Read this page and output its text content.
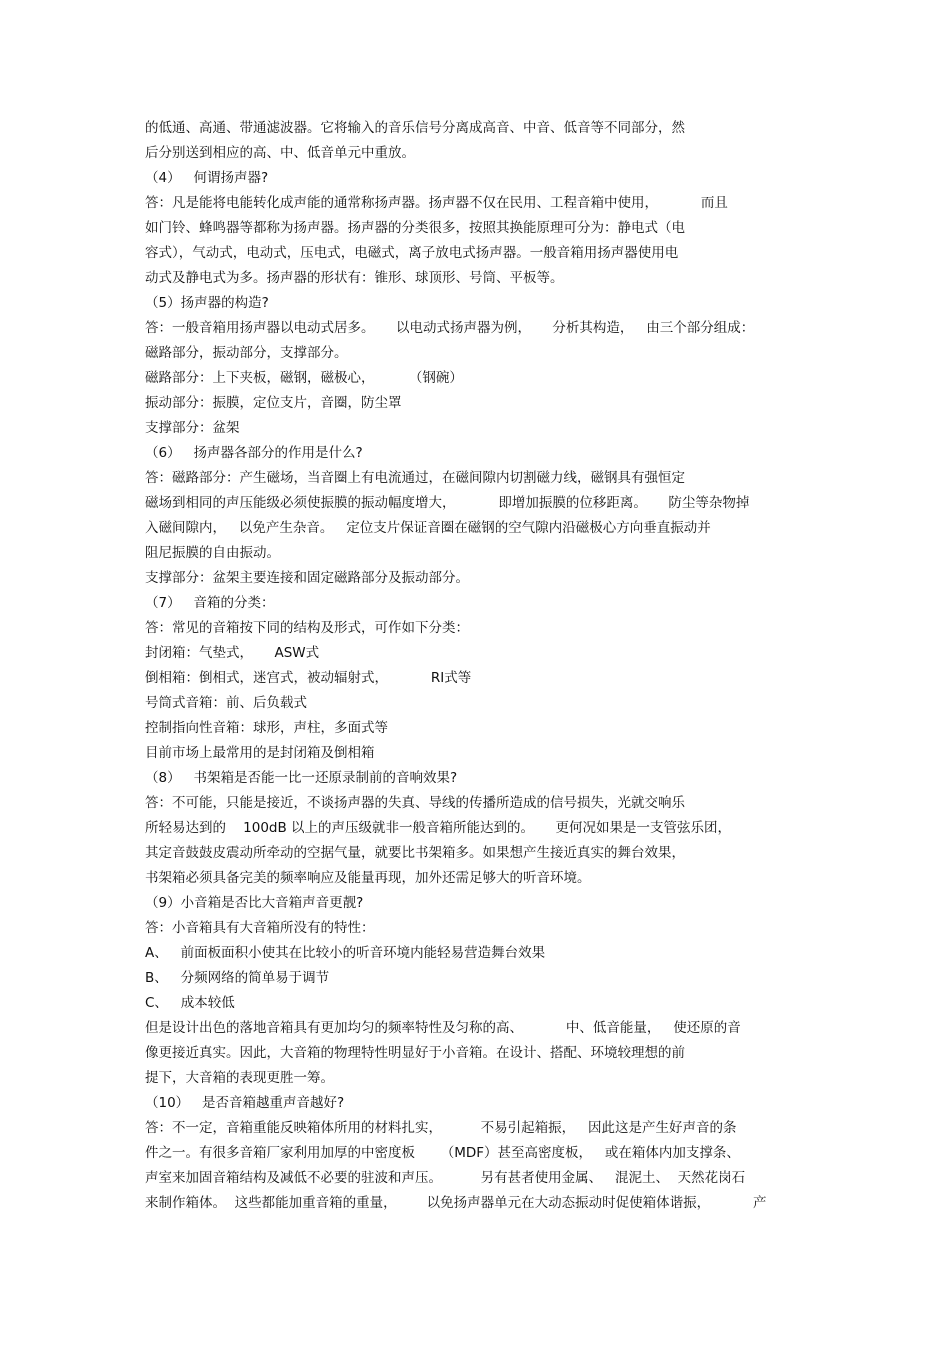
的低通、高通、带通滤波器。它将输入的音乐信号分离成高音、中音、低音等不同部分，然
后分别送到相应的高、中、低音单元中重放。
（4）   何谓扬声器?
答：凡是能将电能转化成声能的通常称扬声器。扬声器不仅在民用、工程音箱中使用，          而且
如门铃、蜂鸣器等都称为扬声器。扬声器的分类很多，按照其换能原理可分为：静电式（电
容式），气动式，电动式，压电式，电磁式，离子放电式扬声器。一般音箱用扬声器使用电
动式及静电式为多。扬声器的形状有：锥形、球顶形、号筒、平板等。
（5）扬声器的构造?
答：一般音箱用扬声器以电动式居多。     以电动式扬声器为例，     分析其构造，   由三个部分组成：
磁路部分，振动部分，支撑部分。
磁路部分：上下夹板，磁钢，磁极心，        （钢碗）
振动部分：振膜，定位支片，音圈，防尘罩
支撑部分：盆架
（6）   扬声器各部分的作用是什么?
答：磁路部分：产生磁场，当音圈上有电流通过，在磁间隙内切割磁力线，磁钢具有强恒定
磁场到相同的声压能级必须使振膜的振动幅度增大，          即增加振膜的位移距离。     防尘等杂物掉
入磁间隙内，   以免产生杂音。   定位支片保证音圈在磁钢的空气隙内沿磁极心方向垂直振动并
阻尼振膜的自由振动。
支撑部分：盆架主要连接和固定磁路部分及振动部分。
（7）   音箱的分类：
答：常见的音箱按下同的结构及形式，可作如下分类：
封闭箱：气垫式，     ASW式
倒相箱：倒相式，迷宫式，被动辐射式，          RI式等
号筒式音箱：前、后负载式
控制指向性音箱：球形，声柱，多面式等
目前市场上最常用的是封闭箱及倒相箱
（8）   书架箱是否能一比一还原录制前的音响效果?
答：不可能，只能是接近，不谈扬声器的失真、导线的传播所造成的信号损失，光就交响乐
所轻易达到的    100dB 以上的声压级就非一般音箱所能达到的。     更何况如果是一支管弦乐团，
其定音鼓鼓皮震动所牵动的空据气量，就要比书架箱多。如果想产生接近真实的舞台效果，
书架箱必须具备完美的频率响应及能量再现，加外还需足够大的听音环境。
（9）小音箱是否比大音箱声音更靓?
答：小音箱具有大音箱所没有的特性：
A、   前面板面积小使其在比较小的听音环境内能轻易营造舞台效果
B、   分频网络的简单易于调节
C、   成本较低
但是设计出色的落地音箱具有更加均匀的频率特性及匀称的高、          中、低音能量，   使还原的音
像更接近真实。因此，大音箱的物理特性明显好于小音箱。在设计、搭配、环境较理想的前
提下，大音箱的表现更胜一筹。
（10）   是否音箱越重声音越好?
答：不一定，音箱重能反映箱体所用的材料扎实，         不易引起箱振，   因此这是产生好声音的条
件之一。有很多音箱厂家利用加厚的中密度板      （MDF）甚至高密度板，   或在箱体内加支撑条、
声室来加固音箱结构及减低不必要的驻波和声压。         另有甚者使用金属、   混泥土、  天然花岗石
来制作箱体。  这些都能加重音箱的重量，       以免扬声器单元在大动态振动时促使箱体谐振，          产
